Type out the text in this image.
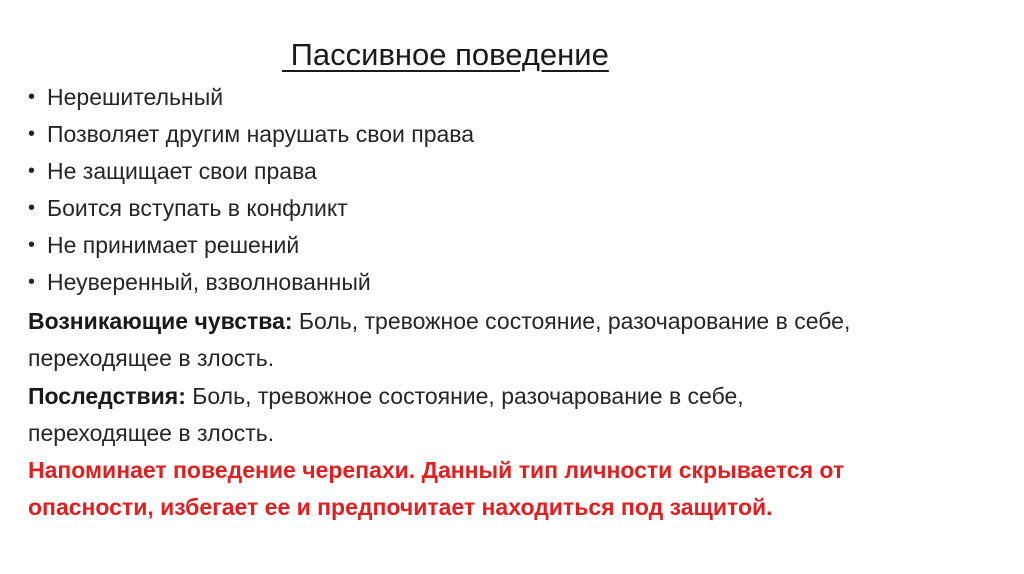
Пассивное поведение
• Нерешительный
• Позволяет другим нарушать свои права
• Не защищает свои права
• Боится вступать в конфликт
• Не принимает решений
• Неуверенный, взволнованный

Возникающие чувства: Боль, тревожное состояние, разочарование в себе,
переходящее в злость.

Последствия: Боль, тревожное состояние, разочарование в себе,
переходящее в злость.

Напоминает поведение черепахи. Данный тип личности скрывается от
опасности, избегает ее и предпочитает находиться под защитой.
